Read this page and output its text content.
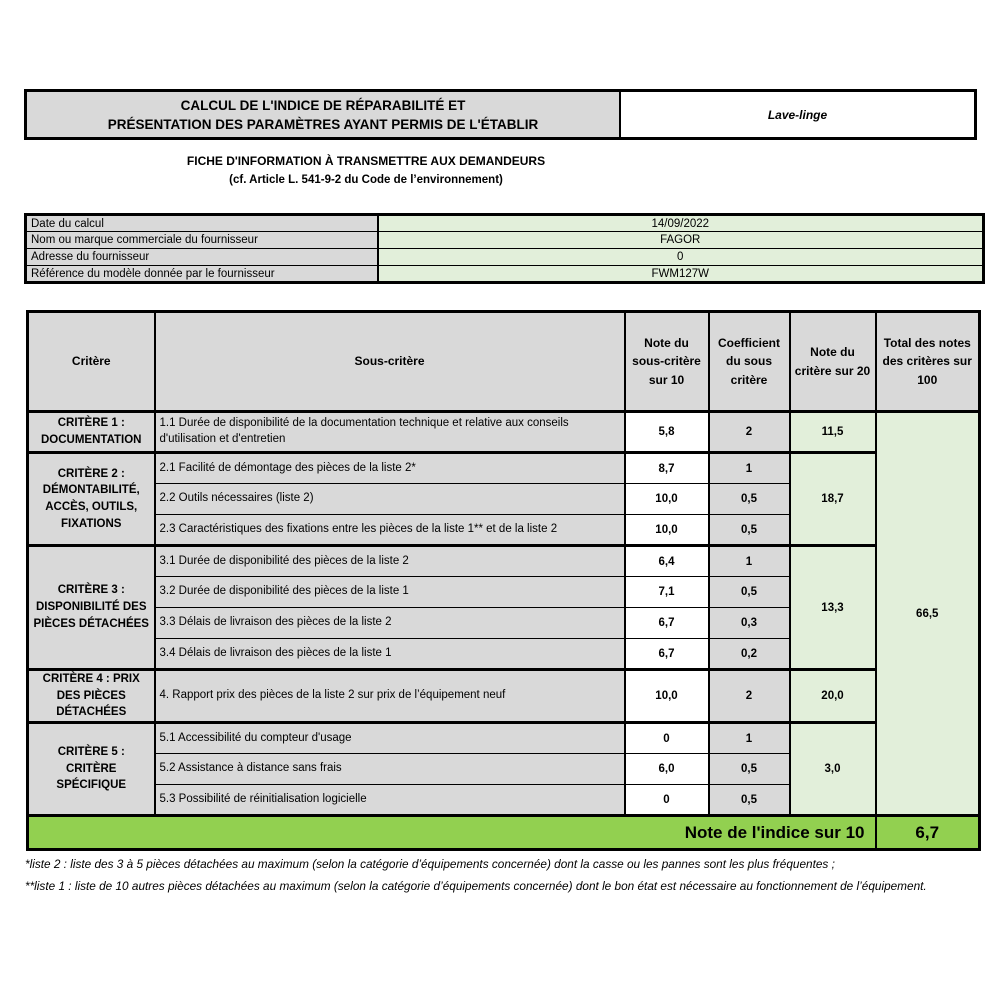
CALCUL DE L'INDICE DE RÉPARABILITÉ ET
PRÉSENTATION DES PARAMÈTRES AYANT PERMIS DE L'ÉTABLIR
Lave-linge
FICHE D'INFORMATION À TRANSMETTRE AUX DEMANDEURS
(cf. Article L. 541-9-2 du Code de l’environnement)
Date du calcul	14/09/2022
Nom ou marque commerciale du fournisseur	FAGOR
Adresse du fournisseur	0
Référence du modèle donnée par le fournisseur	FWM127W
Critère	Sous-critère	Note du sous-critère sur 10	Coefficient du sous critère	Note du critère sur 20	Total des notes des critères sur 100
CRITÈRE 1 : DOCUMENTATION	1.1 Durée de disponibilité de la documentation technique et relative aux conseils d'utilisation et d'entretien	5,8	2	11,5	66,5
CRITÈRE 2 : DÉMONTABILITÉ, ACCÈS, OUTILS, FIXATIONS	2.1 Facilité de démontage des pièces de la liste 2*	8,7	1	18,7	
	2.2 Outils nécessaires (liste 2)	10,0	0,5		
	2.3 Caractéristiques des fixations entre les pièces de la liste 1** et de la liste 2	10,0	0,5		
CRITÈRE 3 : DISPONIBILITÉ DES PIÈCES DÉTACHÉES	3.1 Durée de disponibilité des pièces de la liste 2	6,4	1	13,3	
	3.2 Durée de disponibilité des pièces de la liste 1	7,1	0,5		
	3.3 Délais de livraison des pièces de la liste 2	6,7	0,3		
	3.4 Délais de livraison des pièces de la liste 1	6,7	0,2		
CRITÈRE 4 : PRIX DES PIÈCES DÉTACHÉES	4. Rapport prix des pièces de la liste 2 sur prix de l’équipement neuf	10,0	2	20,0	
CRITÈRE 5 : CRITÈRE SPÉCIFIQUE	5.1 Accessibilité du compteur d'usage	0	1	3,0	
	5.2 Assistance à distance sans frais	6,0	0,5		
	5.3 Possibilité de réinitialisation logicielle	0	0,5		
Note de l'indice sur 10					6,7

*liste 2 : liste des 3 à 5 pièces détachées au maximum (selon la catégorie d’équipements concernée) dont la casse ou les pannes sont les plus fréquentes ;

**liste 1 : liste de 10 autres pièces détachées au maximum (selon la catégorie d’équipements concernée) dont le bon état est nécessaire au fonctionnement de l’équipement.
